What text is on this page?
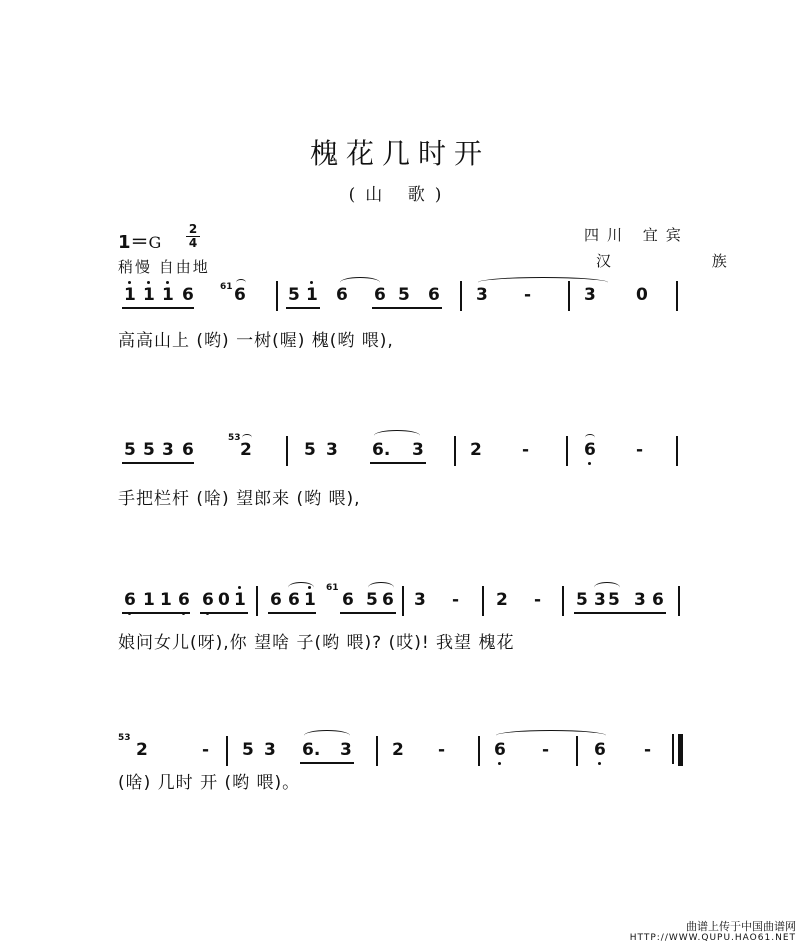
槐花几时开
(山 歌)
1＝G
2
4
稍慢 自由地
四川 宜宾
汉 族
1 1 1 6	61 6 5 1 6 6 5 6 3 -	3 0
高高山上 (哟) 一树(喔) 槐(哟 喂),
5 5 3 6
53
2	5 3 6. 3	2 -	6 -
手把栏杆 (啥) 望郎来 (哟 喂),
6 1 1 6 6 0 1 6 6 1
61
6 5 6 3 - 2 - 5 3 5 3 6
娘问女儿(呀),你 望啥 子(哟 喂)? (哎)! 我望 槐花
53
2	- 5 3 6. 3 2 -	6 -	6 -
(啥) 几时 开 (哟 喂)。
曲谱上传于中国曲谱网
HTTP://WWW.QUPU.HAO61.NET
